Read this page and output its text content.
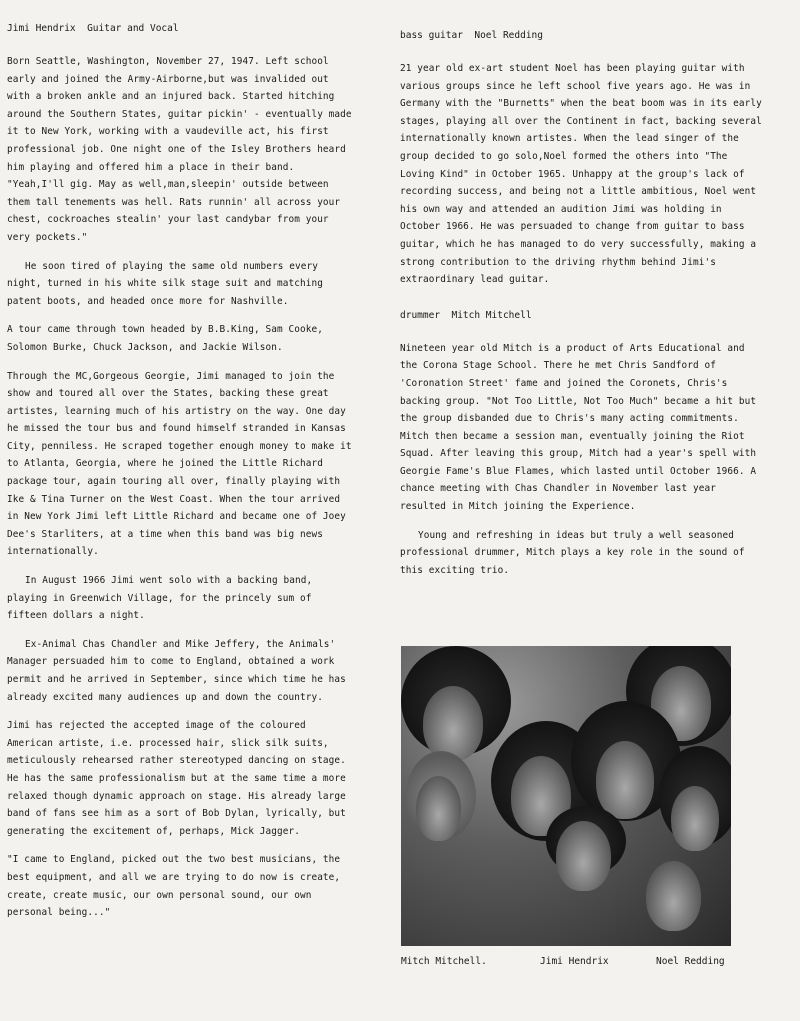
Jimi Hendrix  Guitar and Vocal

Born Seattle, Washington, November 27, 1947. Left school early and joined the Army-Airborne,but was invalided out with a broken ankle and an injured back. Started hitching around the Southern States, guitar pickin' - eventually made it to New York, working with a vaudeville act, his first professional job. One night one of the Isley Brothers heard him playing and offered him a place in their band. "Yeah,I'll gig. May as well,man,sleepin' outside between them tall tenements was hell. Rats runnin' all across your chest, cockroaches stealin' your last candybar from your very pockets."

He soon tired of playing the same old numbers every night, turned in his white silk stage suit and matching patent boots, and headed once more for Nashville.

A tour came through town headed by B.B.King, Sam Cooke, Solomon Burke, Chuck Jackson, and Jackie Wilson.

Through the MC,Gorgeous Georgie, Jimi managed to join the show and toured all over the States, backing these great artistes, learning much of his artistry on the way. One day he missed the tour bus and found himself stranded in Kansas City, penniless. He scraped together enough money to make it to Atlanta, Georgia, where he joined the Little Richard package tour, again touring all over, finally playing with Ike & Tina Turner on the West Coast. When the tour arrived in New York Jimi left Little Richard and became one of Joey Dee's Starliters, at a time when this band was big news internationally.

In August 1966 Jimi went solo with a backing band, playing in Greenwich Village, for the princely sum of fifteen dollars a night.

Ex-Animal Chas Chandler and Mike Jeffery, the Animals' Manager persuaded him to come to England, obtained a work permit and he arrived in September, since which time he has already excited many audiences up and down the country.

Jimi has rejected the accepted image of the coloured American artiste, i.e. processed hair, slick silk suits, meticulously rehearsed rather stereotyped dancing on stage. He has the same professionalism but at the same time a more relaxed though dynamic approach on stage. His already large band of fans see him as a sort of Bob Dylan, lyrically, but generating the excitement of, perhaps, Mick Jagger.

"I came to England, picked out the two best musicians, the best equipment, and all we are trying to do now is create, create, create music, our own personal sound, our own personal being..."

bass guitar  Noel Redding

21 year old ex-art student Noel has been playing guitar with various groups since he left school five years ago. He was in Germany with the "Burnetts" when the beat boom was in its early stages, playing all over the Continent in fact, backing several internationally known artistes. When the lead singer of the group decided to go solo,Noel formed the others into "The Loving Kind" in October 1965. Unhappy at the group's lack of recording success, and being not a little ambitious, Noel went his own way and attended an audition Jimi was holding in October 1966. He was persuaded to change from guitar to bass guitar, which he has managed to do very successfully, making a strong contribution to the driving rhythm behind Jimi's extraordinary lead guitar.

drummer  Mitch Mitchell

Nineteen year old Mitch is a product of Arts Educational and the Corona Stage School. There he met Chris Sandford of 'Coronation Street' fame and joined the Coronets, Chris's backing group. "Not Too Little, Not Too Much" became a hit but the group disbanded due to Chris's many acting commitments. Mitch then became a session man, eventually joining the Riot Squad. After leaving this group, Mitch had a year's spell with Georgie Fame's Blue Flames, which lasted until October 1966. A chance meeting with Chas Chandler in November last year resulted in Mitch joining the Experience.

Young and refreshing in ideas but truly a well seasoned professional drummer, Mitch plays a key role in the sound of this exciting trio.

Mitch Mitchell.	Jimi Hendrix	Noel Redding
